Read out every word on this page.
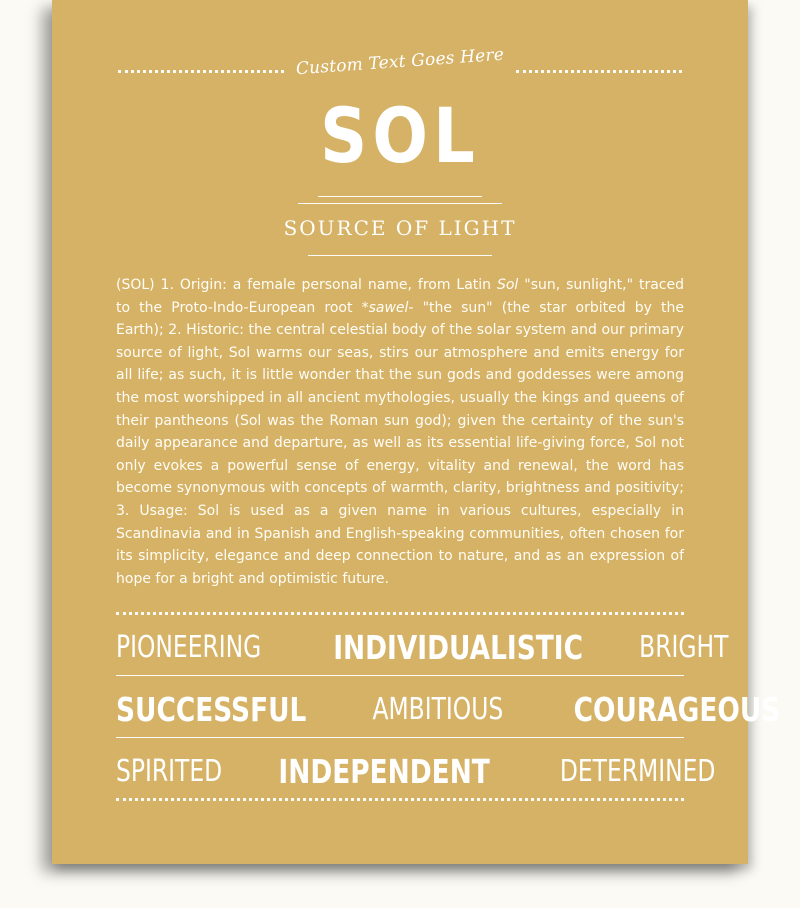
Custom Text Goes Here
SOL
SOURCE OF LIGHT
(SOL) 1. Origin: a female personal name, from Latin Sol "sun, sunlight," traced to the Proto-Indo-European root *sawel- "the sun" (the star orbited by the Earth); 2. Historic: the central celestial body of the solar system and our primary source of light, Sol warms our seas, stirs our atmosphere and emits energy for all life; as such, it is little wonder that the sun gods and goddesses were among the most worshipped in all ancient mythologies, usually the kings and queens of their pantheons (Sol was the Roman sun god); given the certainty of the sun's daily appearance and departure, as well as its essential life-giving force, Sol not only evokes a powerful sense of energy, vitality and renewal, the word has become synonymous with concepts of warmth, clarity, brightness and positivity; 3. Usage: Sol is used as a given name in various cultures, especially in Scandinavia and in Spanish and English-speaking communities, often chosen for its simplicity, elegance and deep connection to nature, and as an expression of hope for a bright and optimistic future.
PIONEERING INDIVIDUALISTIC BRIGHT
SUCCESSFUL AMBITIOUS COURAGEOUS
SPIRITED INDEPENDENT DETERMINED
